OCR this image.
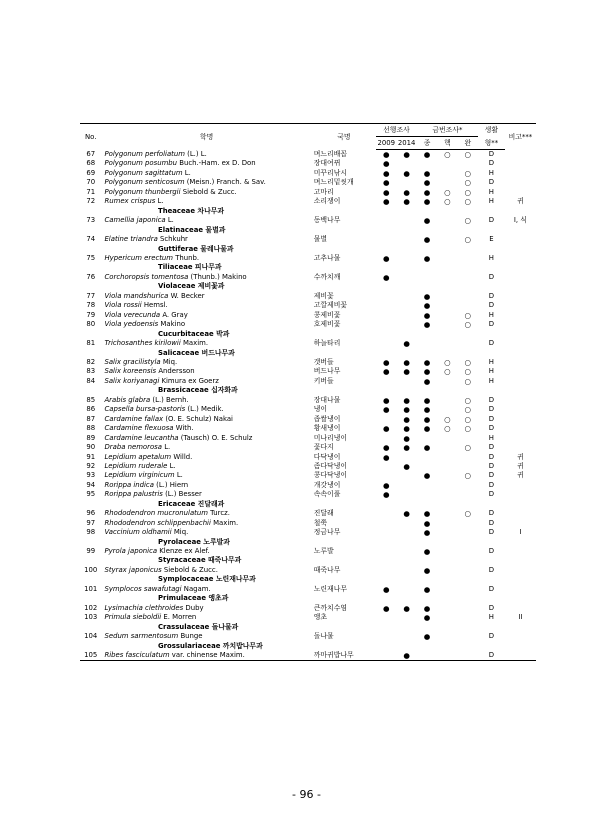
No.	학명	국명	선행조사		금번조사*			생활	비고***
			2009	2014	종	핵	완	형**	
67	Polygonum perfoliatum (L.) L.	며느리배꼽	●	●	●	○	○	D	
68	Polygonum posumbu Buch.-Ham. ex D. Don	장대여뀌	●					D	
69	Polygonum sagittatum L.	미꾸리낚시	●	●	●		○	H	
70	Polygonum senticosum (Meisn.) Franch. & Sav.	며느리밑씻개	●		●		○	D	
71	Polygonum thunbergii Siebold & Zucc.	고마리	●	●	●	○	○	H	
72	Rumex crispus L.	소리쟁이	●	●	●	○	○	H	귀
Theaceae 차나무과									
73	Camellia japonica L.	동백나무			●		○	D	I, 식
Elatinaceae 물별과									
74	Elatine triandra Schkuhr	물별			●		○	E	
Guttiferae 물레나물과									
75	Hypericum erectum Thunb.	고추나물	●		●			H	
Tiliaceae 피나무과									
76	Corchoropsis tomentosa (Thunb.) Makino	수까치깨	●					D	
Violaceae 제비꽃과									
77	Viola mandshurica W. Becker	제비꽃			●			D	
78	Viola rossii Hemsl.	고깔제비꽃			●			D	
79	Viola verecunda A. Gray	콩제비꽃			●		○	H	
80	Viola yedoensis Makino	호제비꽃			●		○	D	
Cucurbitaceae 박과									
81	Trichosanthes kirilowii Maxim.	하늘타리		●				D	
Salicaceae 버드나무과									
82	Salix gracilistyla Miq.	갯버들	●	●	●	○	○	H	
83	Salix koreensis Andersson	버드나무	●	●	●	○	○	H	
84	Salix koriyanagi Kimura ex Goerz	키버들			●		○	H	
Brassicaceae 십자화과									
85	Arabis glabra (L.) Bernh.	장대나물	●	●	●		○	D	
86	Capsella bursa-pastoris (L.) Medik.	냉이	●	●	●		○	D	
87	Cardamine fallax (O. E. Schulz) Nakai	좁쌀냉이		●	●	○	○	D	
88	Cardamine flexuosa With.	황새냉이	●	●	●	○	○	D	
89	Cardamine leucantha (Tausch) O. E. Schulz	미나리냉이		●				H	
90	Draba nemorosa L.	꽃다지	●	●	●		○	D	
91	Lepidium apetalum Willd.	다닥냉이	●					D	귀
92	Lepidium ruderale L.	좀다닥냉이		●				D	귀
93	Lepidium virginicum L.	콩다닥냉이			●		○	D	귀
94	Rorippa indica (L.) Hiern	개갓냉이	●					D	
95	Rorippa palustris (L.) Besser	속속이풀	●					D	
Ericaceae 진달래과									
96	Rhododendron mucronulatum Turcz.	진달래		●	●		○	D	
97	Rhododendron schlippenbachii Maxim.	철쭉			●			D	
98	Vaccinium oldhamii Miq.	정금나무			●			D	I
Pyrolaceae 노루발과									
99	Pyrola japonica Klenze ex Alef.	노루발			●			D	
Styracaceae 때죽나무과									
100	Styrax japonicus Siebold & Zucc.	때죽나무			●			D	
Symplocaceae 노린재나무과									
101	Symplocos sawafutagi Nagam.	노린재나무	●		●			D	
Primulaceae 앵초과									
102	Lysimachia clethroides Duby	큰까치수염	●	●	●			D	
103	Primula sieboldii E. Morren	앵초			●			H	II
Crassulaceae 돌나물과									
104	Sedum sarmentosum Bunge	돌나물			●			D	
Grossulariaceae 까치밥나무과									
105	Ribes fasciculatum var. chinense Maxim.	까마귀밥나무		●				D	
- 96 -
